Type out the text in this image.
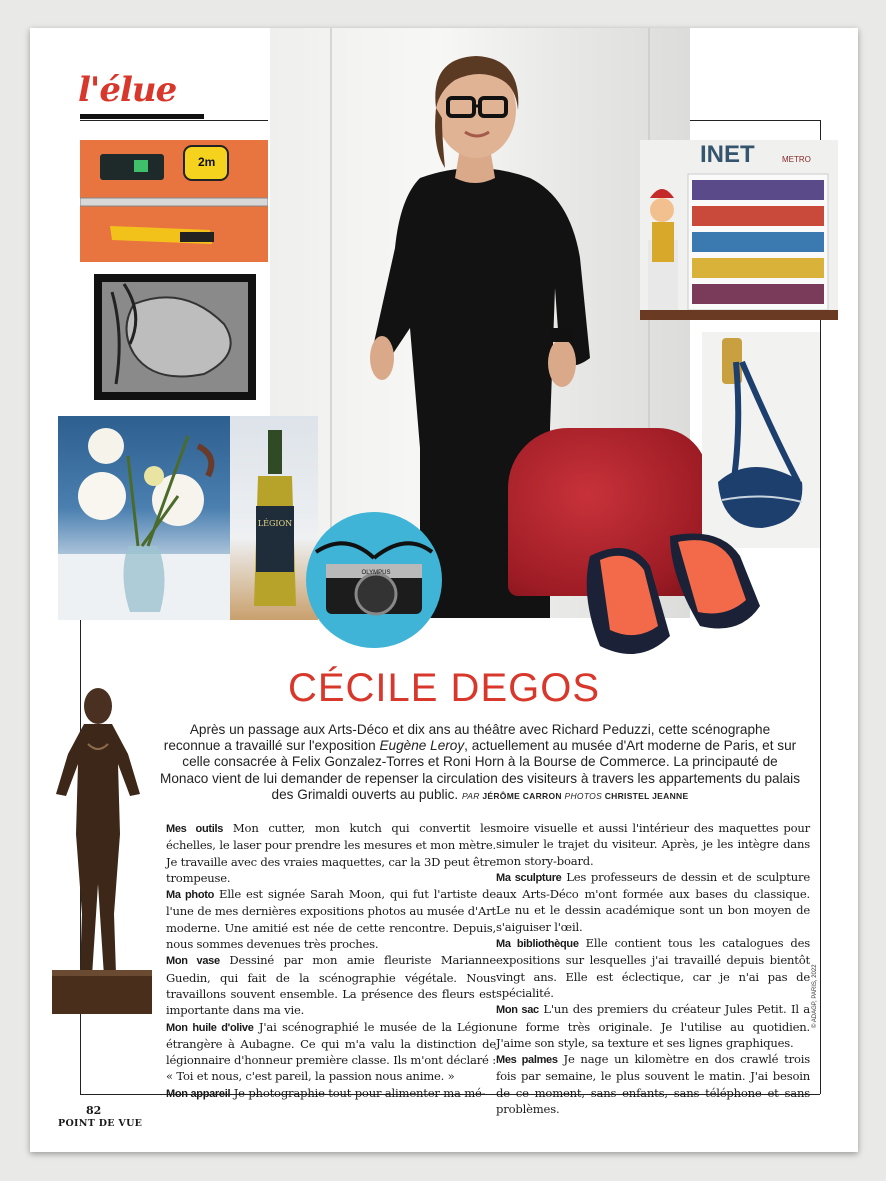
l'élue
2m
LÉGION
OLYMPUS
INET	METRO
CÉCILE DEGOS
Après un passage aux Arts-Déco et dix ans au théâtre avec Richard Peduzzi, cette scénographe reconnue a travaillé sur l'exposition Eugène Leroy, actuellement au musée d'Art moderne de Paris, et sur celle consacrée à Felix Gonzalez-Torres et Roni Horn à la Bourse de Commerce. La principauté de Monaco vient de lui demander de repenser la circulation des visiteurs à travers les appartements du palais des Grimaldi ouverts au public. PAR JÉRÔME CARRON PHOTOS CHRISTEL JEANNE
Mes outils Mon cutter, mon kutch qui convertit les échelles, le laser pour prendre les mesures et mon mètre. Je travaille avec des vraies maquettes, car la 3D peut être trompeuse.
Ma photo Elle est signée Sarah Moon, qui fut l'artiste de l'une de mes dernières expositions photos au musée d'Art moderne. Une amitié est née de cette rencontre. Depuis, nous sommes devenues très proches.
Mon vase Dessiné par mon amie fleuriste Marianne Guedin, qui fait de la scénographie végétale. Nous travaillons souvent ensemble. La présence des fleurs est importante dans ma vie.
Mon huile d'olive J'ai scénographié le musée de la Légion étrangère à Aubagne. Ce qui m'a valu la distinction de légionnaire d'honneur première classe. Ils m'ont déclaré : « Toi et nous, c'est pareil, la passion nous anime. »
Mon appareil Je photographie tout pour alimenter ma mé-
moire visuelle et aussi l'intérieur des maquettes pour simuler le trajet du visiteur. Après, je les intègre dans mon story-board.
Ma sculpture Les professeurs de dessin et de sculpture aux Arts-Déco m'ont formée aux bases du classique. Le nu et le dessin académique sont un bon moyen de s'aiguiser l'œil.
Ma bibliothèque Elle contient tous les catalogues des expositions sur lesquelles j'ai travaillé depuis bientôt vingt ans. Elle est éclectique, car je n'ai pas de spécialité.
Mon sac L'un des premiers du créateur Jules Petit. Il a une forme très originale. Je l'utilise au quotidien. J'aime son style, sa texture et ses lignes graphiques.
Mes palmes Je nage un kilomètre en dos crawlé trois fois par semaine, le plus souvent le matin. J'ai besoin de ce moment, sans enfants, sans téléphone et sans problèmes.
82
POINT DE VUE
© ADAGP, PARIS, 2022
